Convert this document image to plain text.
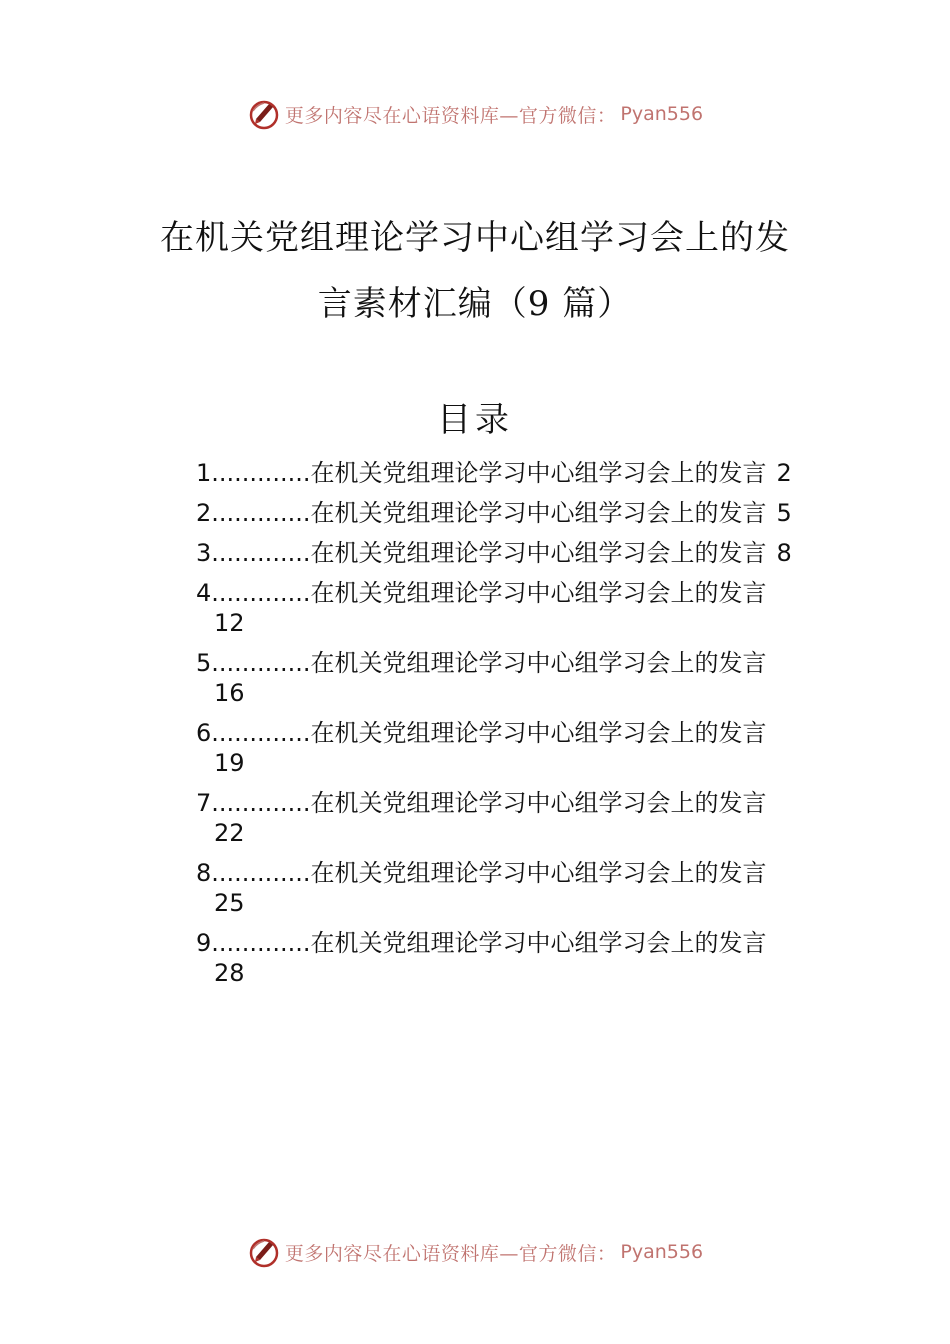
更多内容尽在心语资料库—官方微信： Pyan556
在机关党组理论学习中心组学习会上的发
言素材汇编（9 篇）
目录
1.............在机关党组理论学习中心组学习会上的发言 2
2.............在机关党组理论学习中心组学习会上的发言 5
3.............在机关党组理论学习中心组学习会上的发言 8
4.............在机关党组理论学习中心组学习会上的发言
12
5.............在机关党组理论学习中心组学习会上的发言
16
6.............在机关党组理论学习中心组学习会上的发言
19
7.............在机关党组理论学习中心组学习会上的发言
22
8.............在机关党组理论学习中心组学习会上的发言
25
9.............在机关党组理论学习中心组学习会上的发言
28
更多内容尽在心语资料库—官方微信： Pyan556
